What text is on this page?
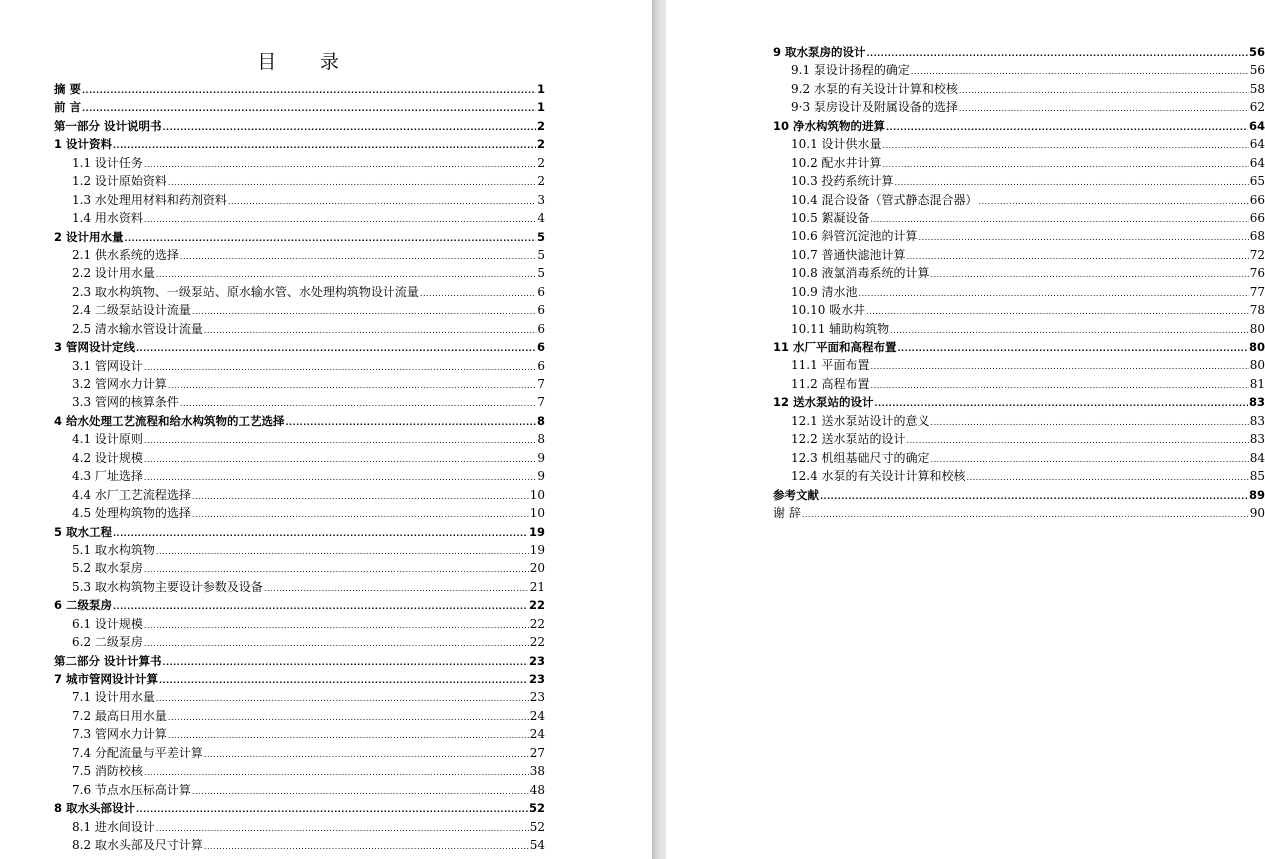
目 录
摘 要 .....	1
前 言 .....	1
第一部分 设计说明书 .....	2
1 设计资料 .....	2
1.1 设计任务 .....	2
1.2 设计原始资料 .....	2
1.3 水处理用材料和药剂资料 .....	3
1.4 用水资料 .....	4
2 设计用水量 .....	5
2.1 供水系统的选择 .....	5
2.2 设计用水量 .....	5
2.3 取水构筑物、一级泵站、原水输水管、水处理构筑物设计流量 .....	6
2.4 二级泵站设计流量 .....	6
2.5 清水输水管设计流量 .....	6
3 管网设计定线 .....	6
3.1 管网设计 .....	6
3.2 管网水力计算 .....	7
3.3 管网的核算条件 .....	7
4 给水处理工艺流程和给水构筑物的工艺选择 .....	8
4.1 设计原则 .....	8
4.2 设计规模 .....	9
4.3 厂址选择 .....	9
4.4 水厂工艺流程选择 .....	10
4.5 处理构筑物的选择 .....	10
5 取水工程 .....	19
5.1 取水构筑物 .....	19
5.2 取水泵房 .....	20
5.3 取水构筑物主要设计参数及设备 .....	21
6 二级泵房 .....	22
6.1 设计规模 .....	22
6.2 二级泵房 .....	22
第二部分 设计计算书 .....	23
7 城市管网设计计算 .....	23
7.1 设计用水量 .....	23
7.2 最高日用水量 .....	24
7.3 管网水力计算 .....	24
7.4 分配流量与平差计算 .....	27
7.5 消防校核 .....	38
7.6 节点水压标高计算 .....	48
8 取水头部设计 .....	52
8.1 进水间设计 .....	52
8.2 取水头部及尺寸计算 .....	54
9 取水泵房的设计 .....	56
9.1 泵设计扬程的确定 .....	56
9.2 水泵的有关设计计算和校核 .....	58
9·3 泵房设计及附属设备的选择 .....	62
10 净水构筑物的进算 .....	64
10.1 设计供水量 .....	64
10.2 配水井计算 .....	64
10.3 投药系统计算 .....	65
10.4 混合设备（管式静态混合器） .....	66
10.5 絮凝设备 .....	66
10.6 斜管沉淀池的计算 .....	68
10.7 普通快滤池计算 .....	72
10.8 液氯消毒系统的计算 .....	76
10.9 清水池 .....	77
10.10 吸水井 .....	78
10.11 辅助构筑物 .....	80
11 水厂平面和高程布置 .....	80
11.1 平面布置 .....	80
11.2 高程布置 .....	81
12 送水泵站的设计 .....	83
12.1 送水泵站设计的意义 .....	83
12.2 送水泵站的设计 .....	83
12.3 机组基础尺寸的确定 .....	84
12.4 水泵的有关设计计算和校核 .....	85
参考文献 .....	89
谢 辞 .....	90
